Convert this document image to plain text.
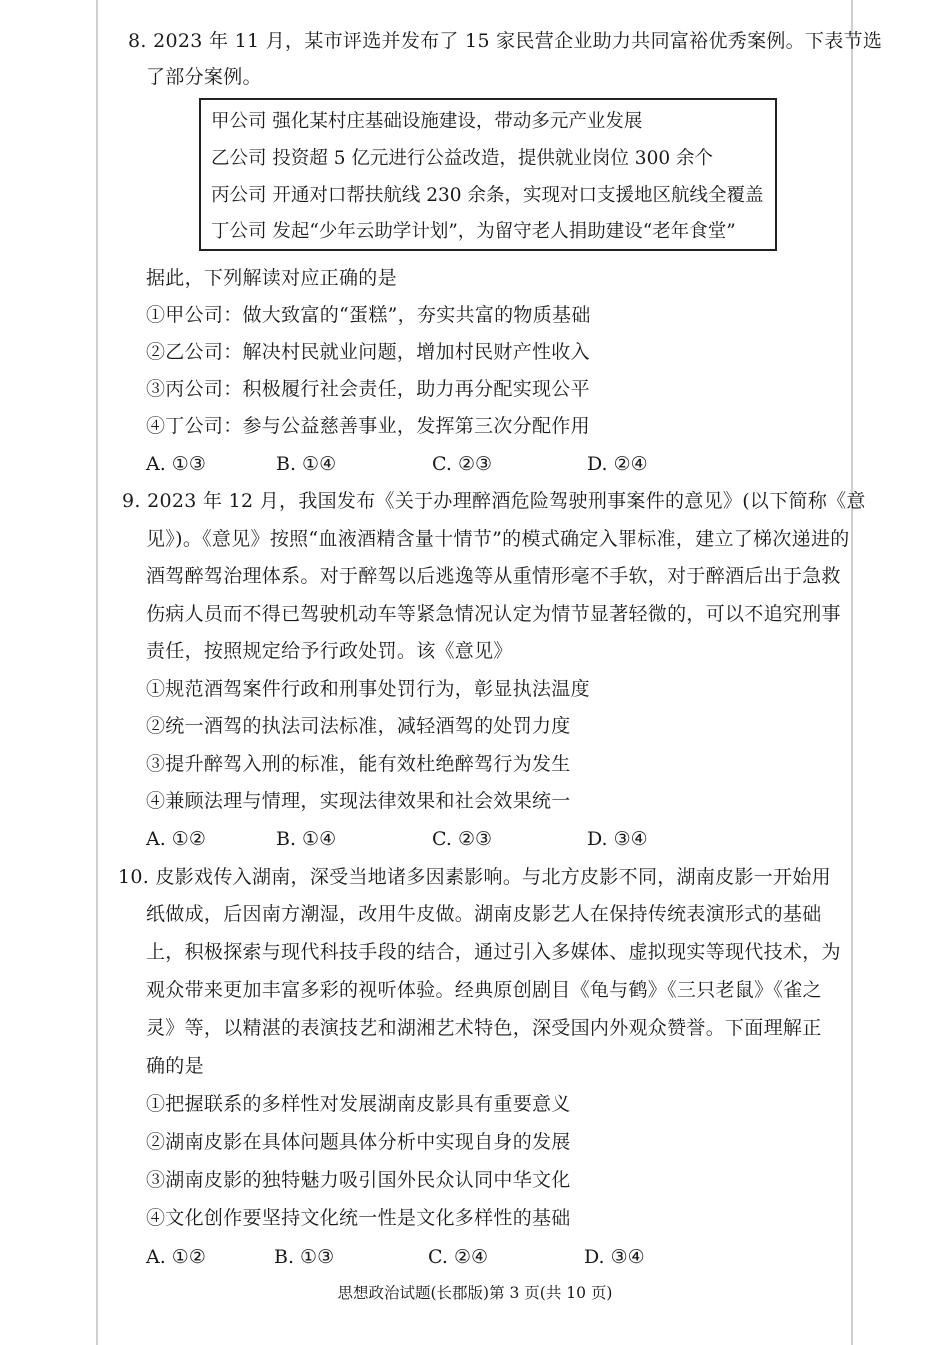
8. 2023 年 11 月，某市评选并发布了 15 家民营企业助力共同富裕优秀案例。下表节选
了部分案例。
甲公司 强化某村庄基础设施建设，带动多元产业发展
乙公司 投资超 5 亿元进行公益改造，提供就业岗位 300 余个
丙公司 开通对口帮扶航线 230 余条，实现对口支援地区航线全覆盖
丁公司 发起“少年云助学计划”，为留守老人捐助建设“老年食堂”
据此，下列解读对应正确的是
①甲公司：做大致富的“蛋糕”，夯实共富的物质基础
②乙公司：解决村民就业问题，增加村民财产性收入
③丙公司：积极履行社会责任，助力再分配实现公平
④丁公司：参与公益慈善事业，发挥第三次分配作用
A. ①③	B. ①④	C. ②③	D. ②④
9. 2023 年 12 月，我国发布《关于办理醉酒危险驾驶刑事案件的意见》(以下简称《意
见》)。《意见》按照“血液酒精含量十情节”的模式确定入罪标准，建立了梯次递进的
酒驾醉驾治理体系。对于醉驾以后逃逸等从重情形毫不手软，对于醉酒后出于急救
伤病人员而不得已驾驶机动车等紧急情况认定为情节显著轻微的，可以不追究刑事
责任，按照规定给予行政处罚。该《意见》
①规范酒驾案件行政和刑事处罚行为，彰显执法温度
②统一酒驾的执法司法标准，减轻酒驾的处罚力度
③提升醉驾入刑的标准，能有效杜绝醉驾行为发生
④兼顾法理与情理，实现法律效果和社会效果统一
A. ①②	B. ①④	C. ②③	D. ③④
10. 皮影戏传入湖南，深受当地诸多因素影响。与北方皮影不同，湖南皮影一开始用
纸做成，后因南方潮湿，改用牛皮做。湖南皮影艺人在保持传统表演形式的基础
上，积极探索与现代科技手段的结合，通过引入多媒体、虚拟现实等现代技术，为
观众带来更加丰富多彩的视听体验。经典原创剧目《龟与鹤》《三只老鼠》《雀之
灵》等，以精湛的表演技艺和湖湘艺术特色，深受国内外观众赞誉。下面理解正
确的是
①把握联系的多样性对发展湖南皮影具有重要意义
②湖南皮影在具体问题具体分析中实现自身的发展
③湖南皮影的独特魅力吸引国外民众认同中华文化
④文化创作要坚持文化统一性是文化多样性的基础
A. ①②	B. ①③	C. ②④	D. ③④
思想政治试题(长郡版)第 3 页(共 10 页)
